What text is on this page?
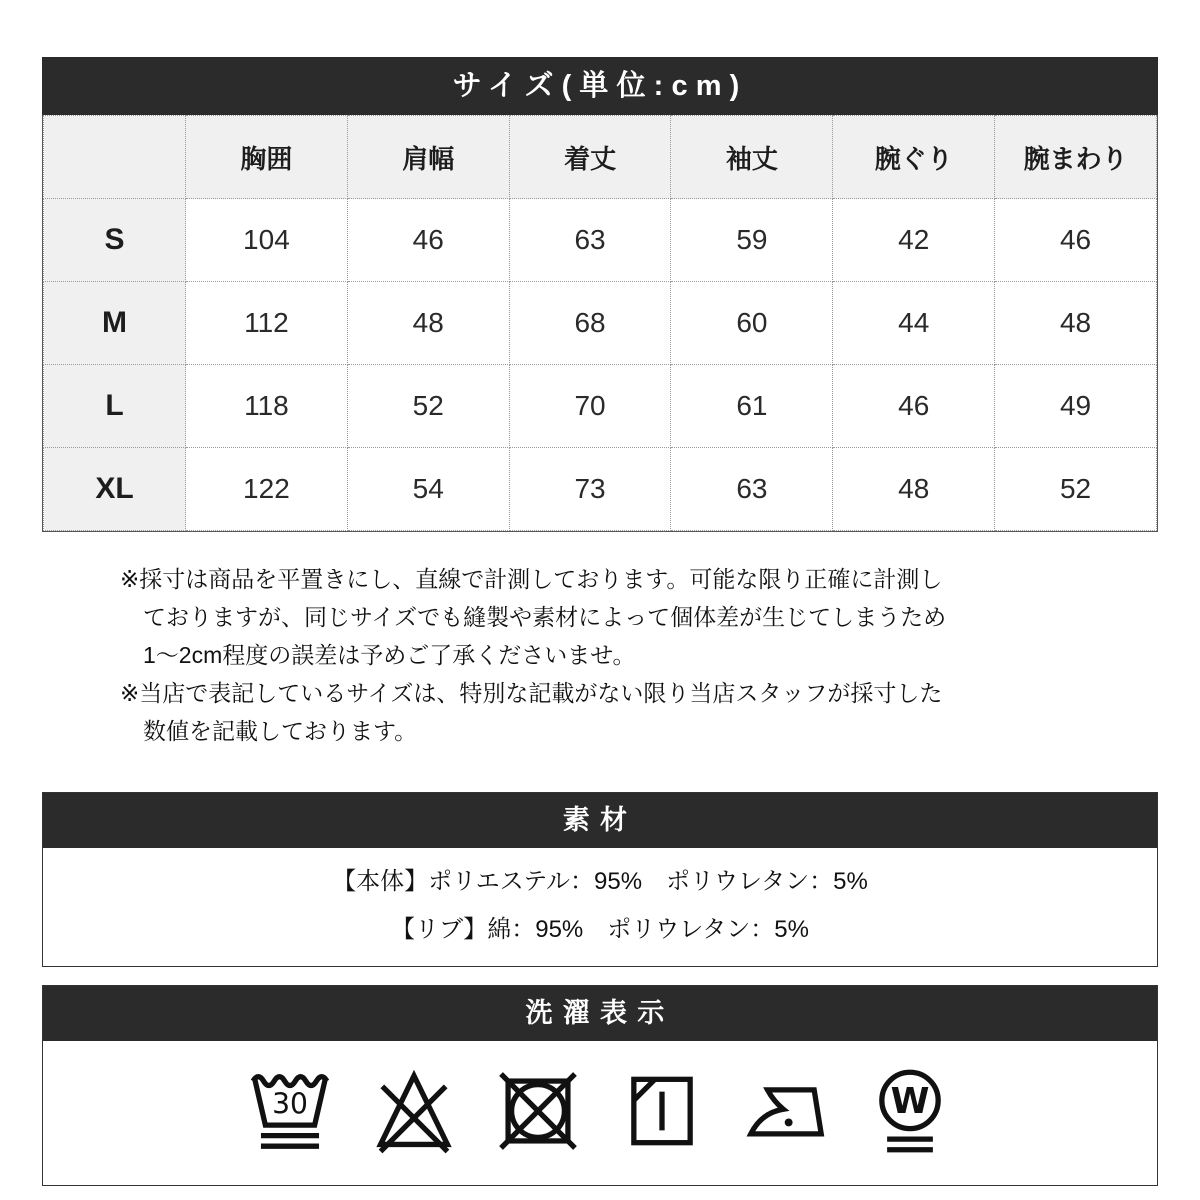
サイズ(単位:cm)
	胸囲	肩幅	着丈	袖丈	腕ぐり	腕まわり
S	104	46	63	59	42	46
M	112	48	68	60	44	48
L	118	52	70	61	46	49
XL	122	54	73	63	48	52
※採寸は商品を平置きにし、直線で計測しております。可能な限り正確に計測し
ておりますが、同じサイズでも縫製や素材によって個体差が生じてしまうため
1〜2cm程度の誤差は予めご了承くださいませ。
※当店で表記しているサイズは、特別な記載がない限り当店スタッフが採寸した
数値を記載しております。
素材
【本体】ポリエステル：95%　ポリウレタン：5%
【リブ】綿：95%　ポリウレタン：5%
洗濯表示
30	W
